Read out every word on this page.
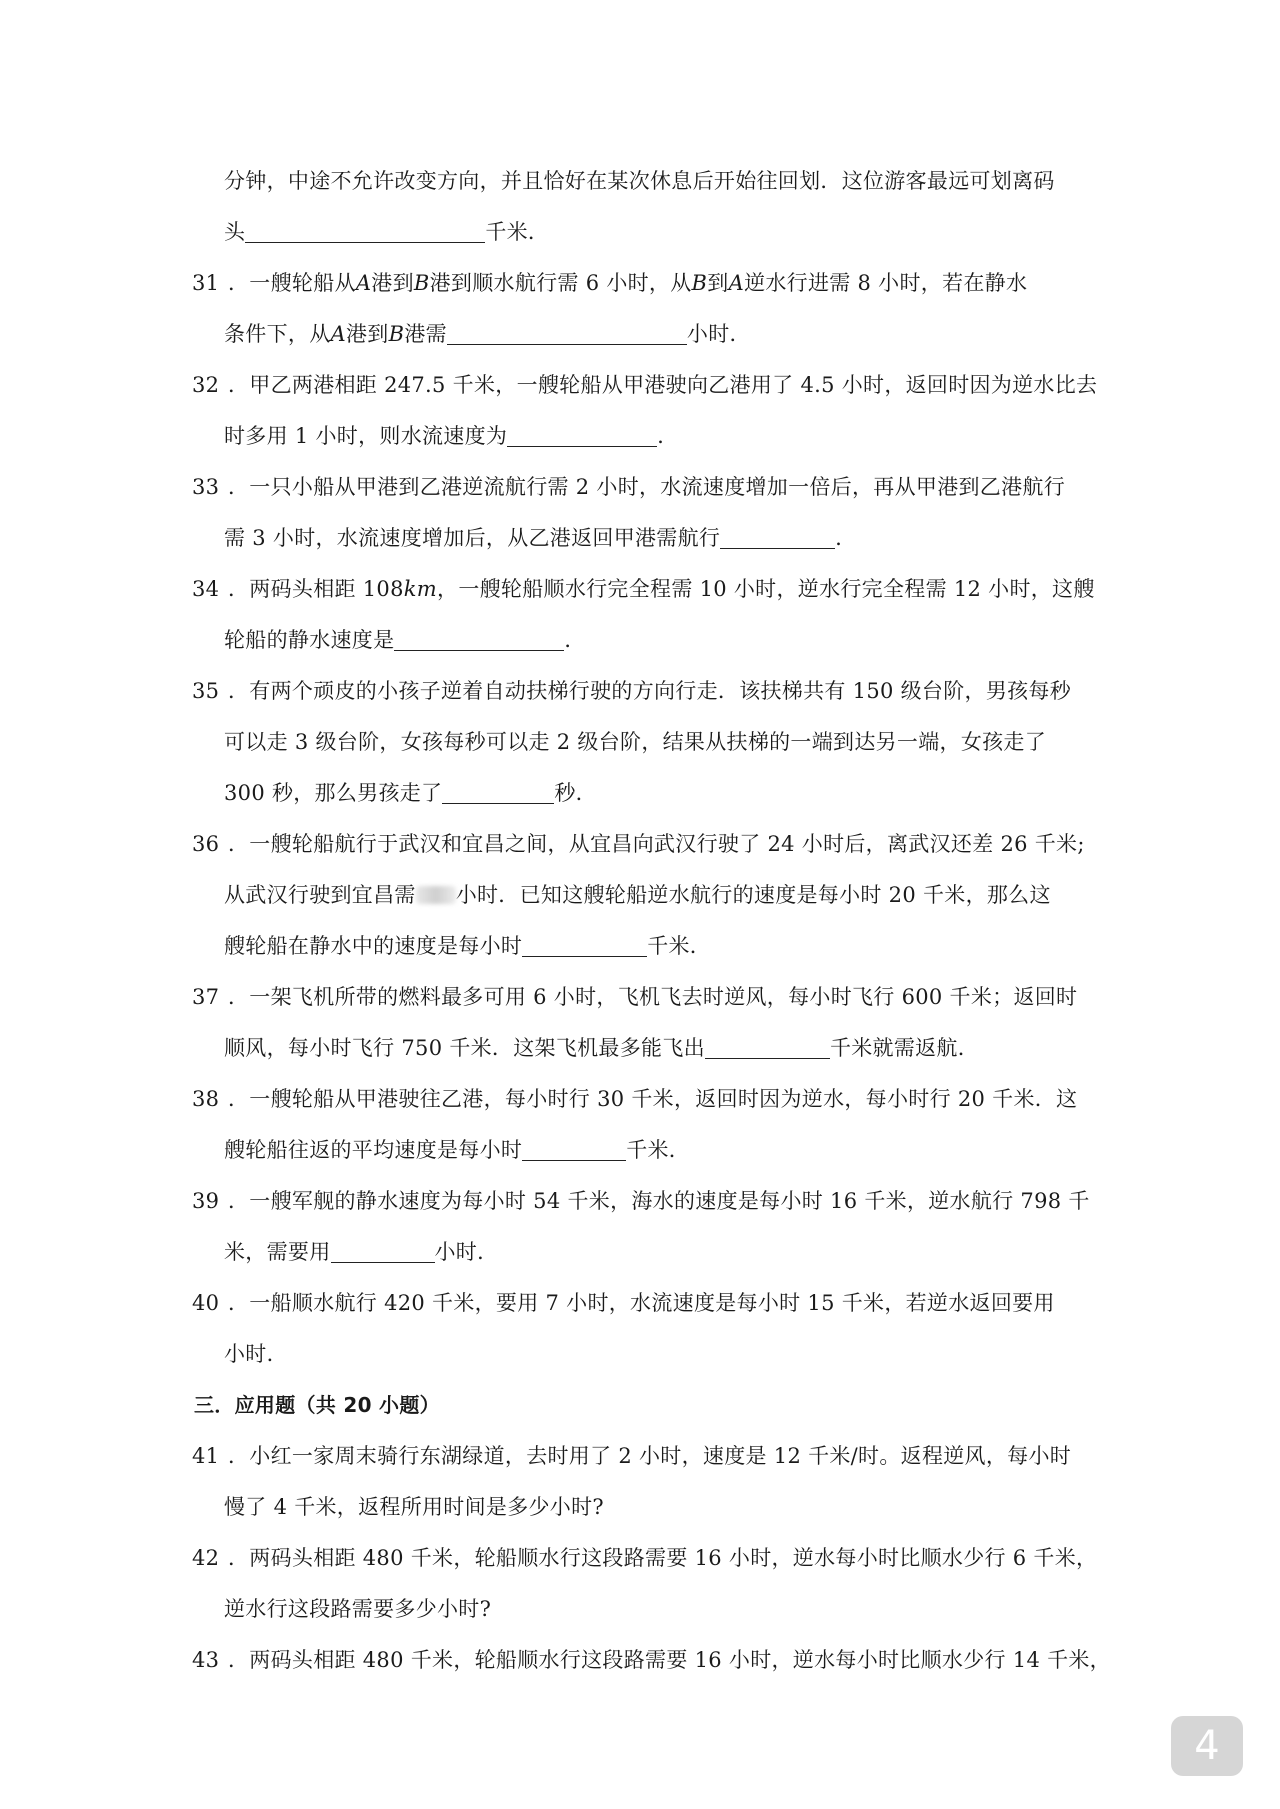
分钟，中途不允许改变方向，并且恰好在某次休息后开始往回划．这位游客最远可划离码
头	千米．
31 ．一艘轮船从A港到B港到顺水航行需 6 小时，从B到A逆水行进需 8 小时，若在静水
条件下，从A港到B港需	小时．
32 ．甲乙两港相距 247.5 千米，一艘轮船从甲港驶向乙港用了 4.5 小时，返回时因为逆水比去
时多用 1 小时，则水流速度为	．
33 ．一只小船从甲港到乙港逆流航行需 2 小时，水流速度增加一倍后，再从甲港到乙港航行
需 3 小时，水流速度增加后，从乙港返回甲港需航行	．
34 ．两码头相距 108km，一艘轮船顺水行完全程需 10 小时，逆水行完全程需 12 小时，这艘
轮船的静水速度是	．
35 ．有两个顽皮的小孩子逆着自动扶梯行驶的方向行走．该扶梯共有 150 级台阶，男孩每秒
可以走 3 级台阶，女孩每秒可以走 2 级台阶，结果从扶梯的一端到达另一端，女孩走了
300 秒，那么男孩走了	秒．
36 ．一艘轮船航行于武汉和宜昌之间，从宜昌向武汉行驶了 24 小时后，离武汉还差 26 千米;
从武汉行驶到宜昌需 小时．已知这艘轮船逆水航行的速度是每小时 20 千米，那么这
艘轮船在静水中的速度是每小时	千米．
37 ．一架飞机所带的燃料最多可用 6 小时，飞机飞去时逆风，每小时飞行 600 千米；返回时
顺风，每小时飞行 750 千米．这架飞机最多能飞出	千米就需返航．
38 ．一艘轮船从甲港驶往乙港，每小时行 30 千米，返回时因为逆水，每小时行 20 千米．这
艘轮船往返的平均速度是每小时	千米．
39 ．一艘军舰的静水速度为每小时 54 千米，海水的速度是每小时 16 千米，逆水航行 798 千
米，需要用	小时．
40 ．一船顺水航行 420 千米，要用 7 小时，水流速度是每小时 15 千米，若逆水返回要用
小时．
三．应用题（共 20 小题）
41 ．小红一家周末骑行东湖绿道，去时用了 2 小时，速度是 12 千米/时。返程逆风，每小时
慢了 4 千米，返程所用时间是多少小时?
42 ．两码头相距 480 千米，轮船顺水行这段路需要 16 小时，逆水每小时比顺水少行 6 千米，
逆水行这段路需要多少小时?
43 ．两码头相距 480 千米，轮船顺水行这段路需要 16 小时，逆水每小时比顺水少行 14 千米，
4
